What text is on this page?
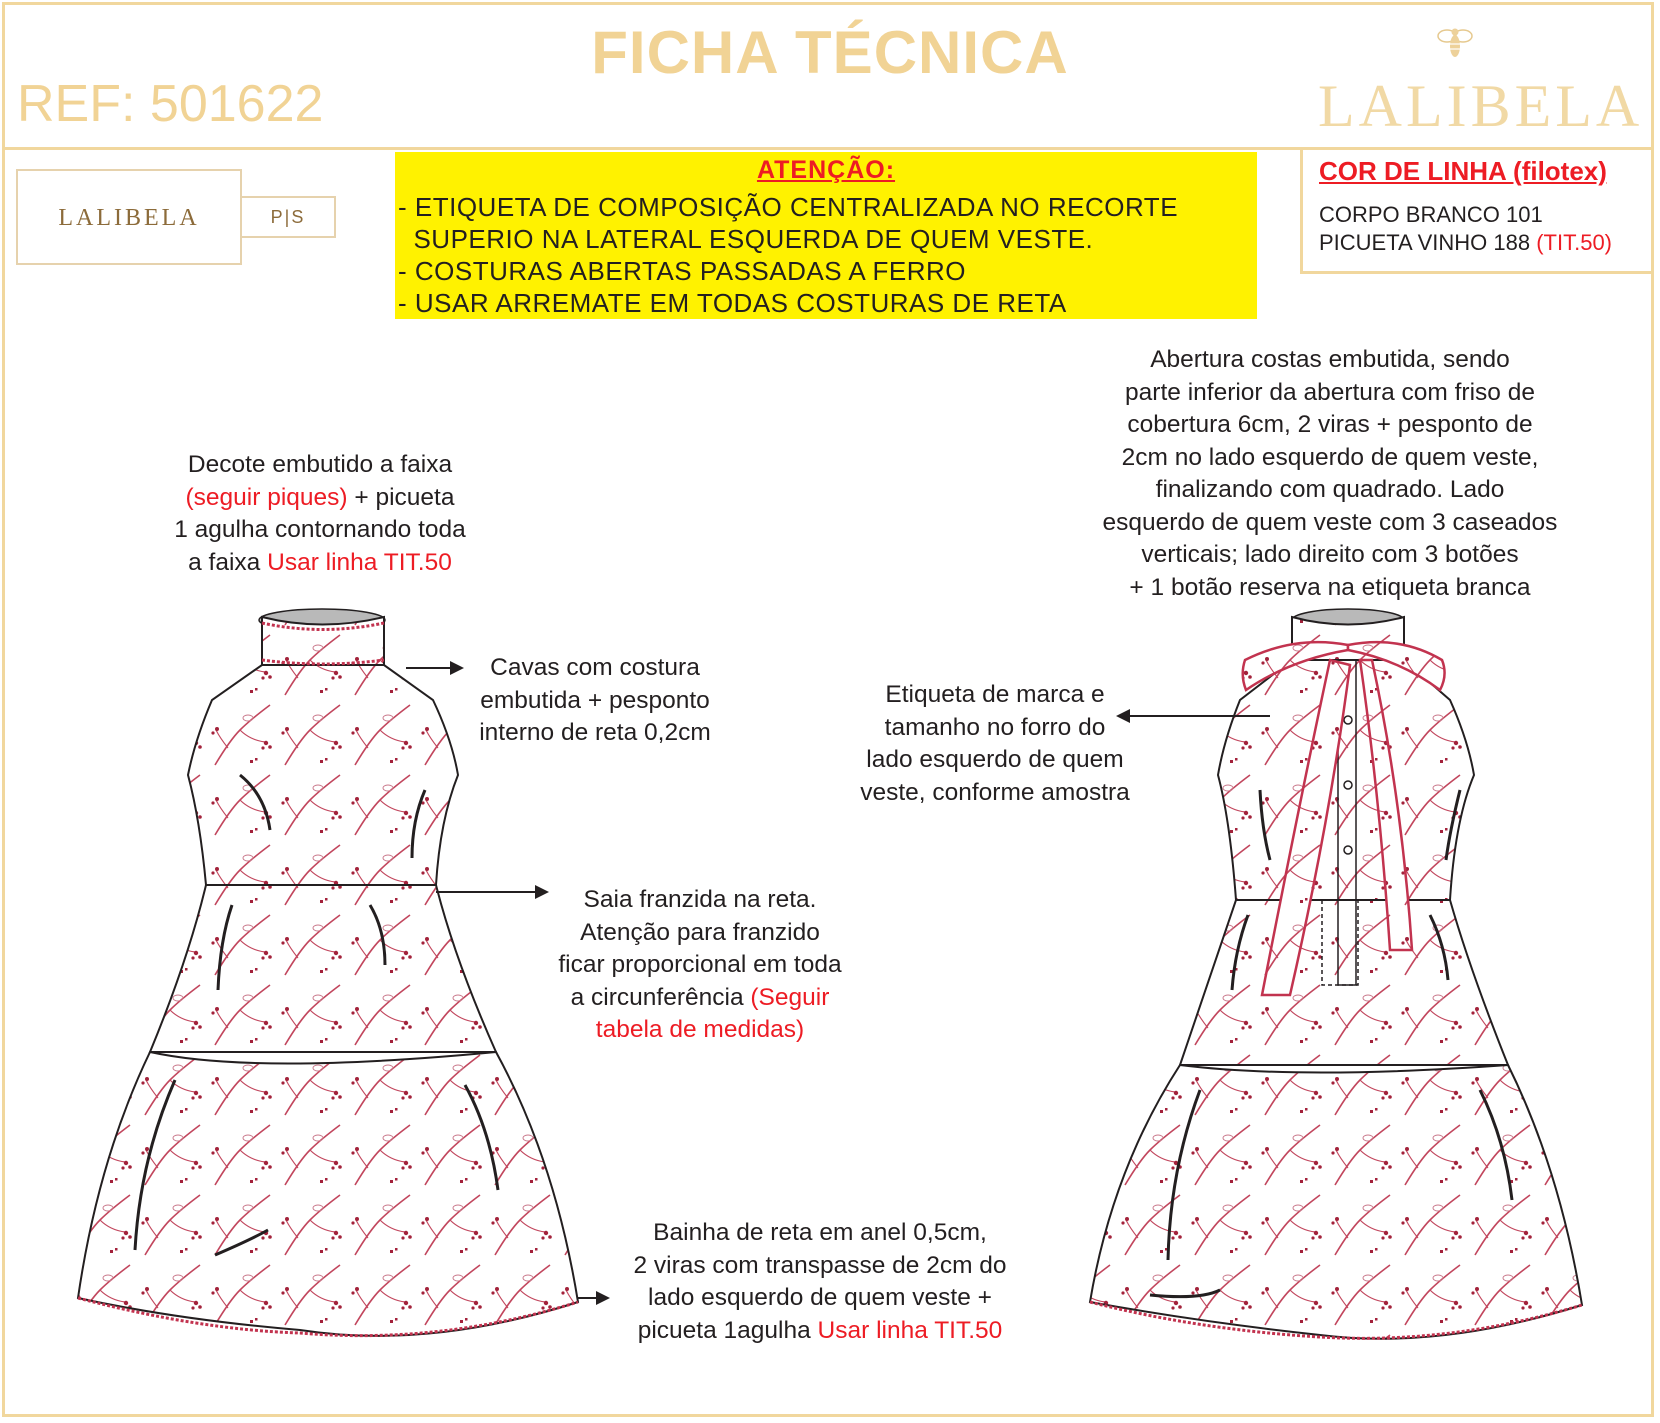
FICHA TÉCNICA
REF: 501622	LALIBELA
LALIBELA	P|S
ATENÇÃO:
- ETIQUETA DE COMPOSIÇÃO CENTRALIZADA NO RECORTE
SUPERIO NA LATERAL ESQUERDA DE QUEM VESTE.
- COSTURAS ABERTAS PASSADAS A FERRO
- USAR ARREMATE EM TODAS COSTURAS DE RETA
COR DE LINHA (filotex)
CORPO BRANCO 101
PICUETA VINHO 188 (TIT.50)
Decote embutido a faixa
(seguir piques) + picueta
1 agulha contornando toda
a faixa Usar linha TIT.50
Cavas com costura
embutida + pesponto
interno de reta 0,2cm
Saia franzida na reta.
Atenção para franzido
ficar proporcional em toda
a circunferência (Seguir
tabela de medidas)
Bainha de reta em anel 0,5cm,
2 viras com transpasse de 2cm do
lado esquerdo de quem veste +
picueta 1agulha Usar linha TIT.50
Abertura costas embutida, sendo
parte inferior da abertura com friso de
cobertura 6cm, 2 viras + pesponto de
2cm no lado esquerdo de quem veste,
finalizando com quadrado. Lado
esquerdo de quem veste com 3 caseados
verticais; lado direito com 3 botões
+ 1 botão reserva na etiqueta branca
Etiqueta de marca e
tamanho no forro do
lado esquerdo de quem
veste, conforme amostra
